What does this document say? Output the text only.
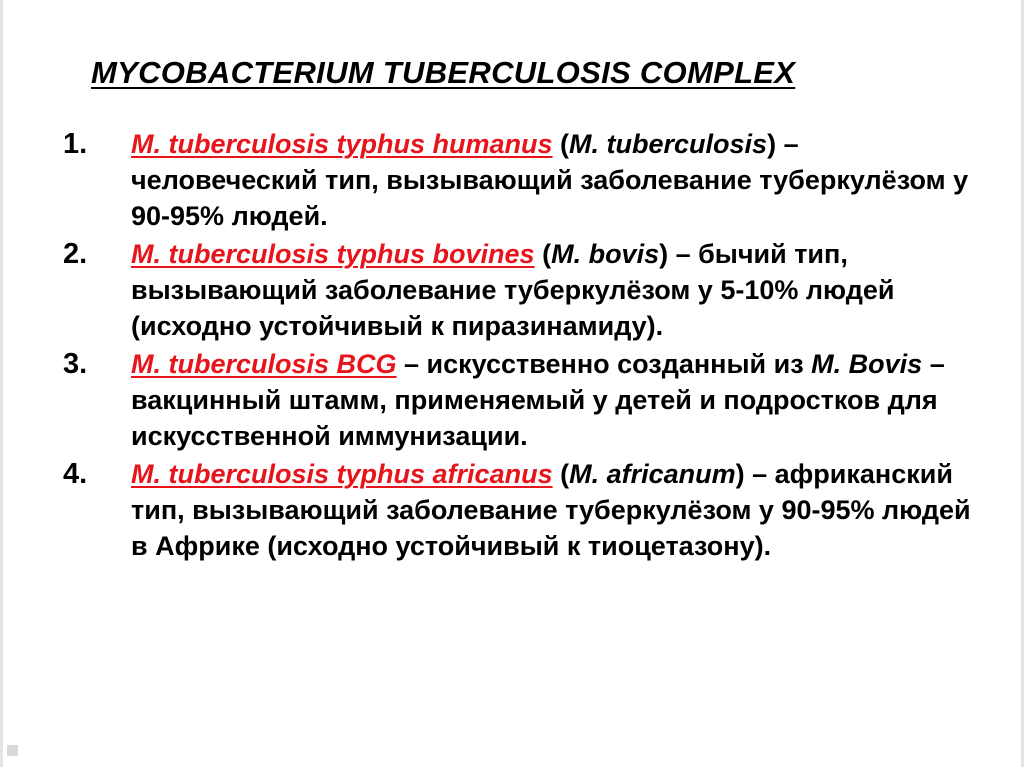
MYCOBACTERIUM TUBERCULOSIS COMPLEX
1. M. tuberculosis typhus humanus (M. tuberculosis) – человеческий тип, вызывающий заболевание туберкулёзом у 90-95% людей.
2. M. tuberculosis typhus bovines (M. bovis) – бычий тип, вызывающий заболевание туберкулёзом у 5-10% людей (исходно устойчивый к пиразинамиду).
3. M. tuberculosis BCG – искусственно созданный из M. Bovis – вакцинный штамм, применяемый у детей и подростков для искусственной иммунизации.
4. M. tuberculosis typhus africanus (M. africanum) – африканский тип, вызывающий заболевание туберкулёзом у 90-95% людей в Африке (исходно устойчивый к тиоцетазону).
